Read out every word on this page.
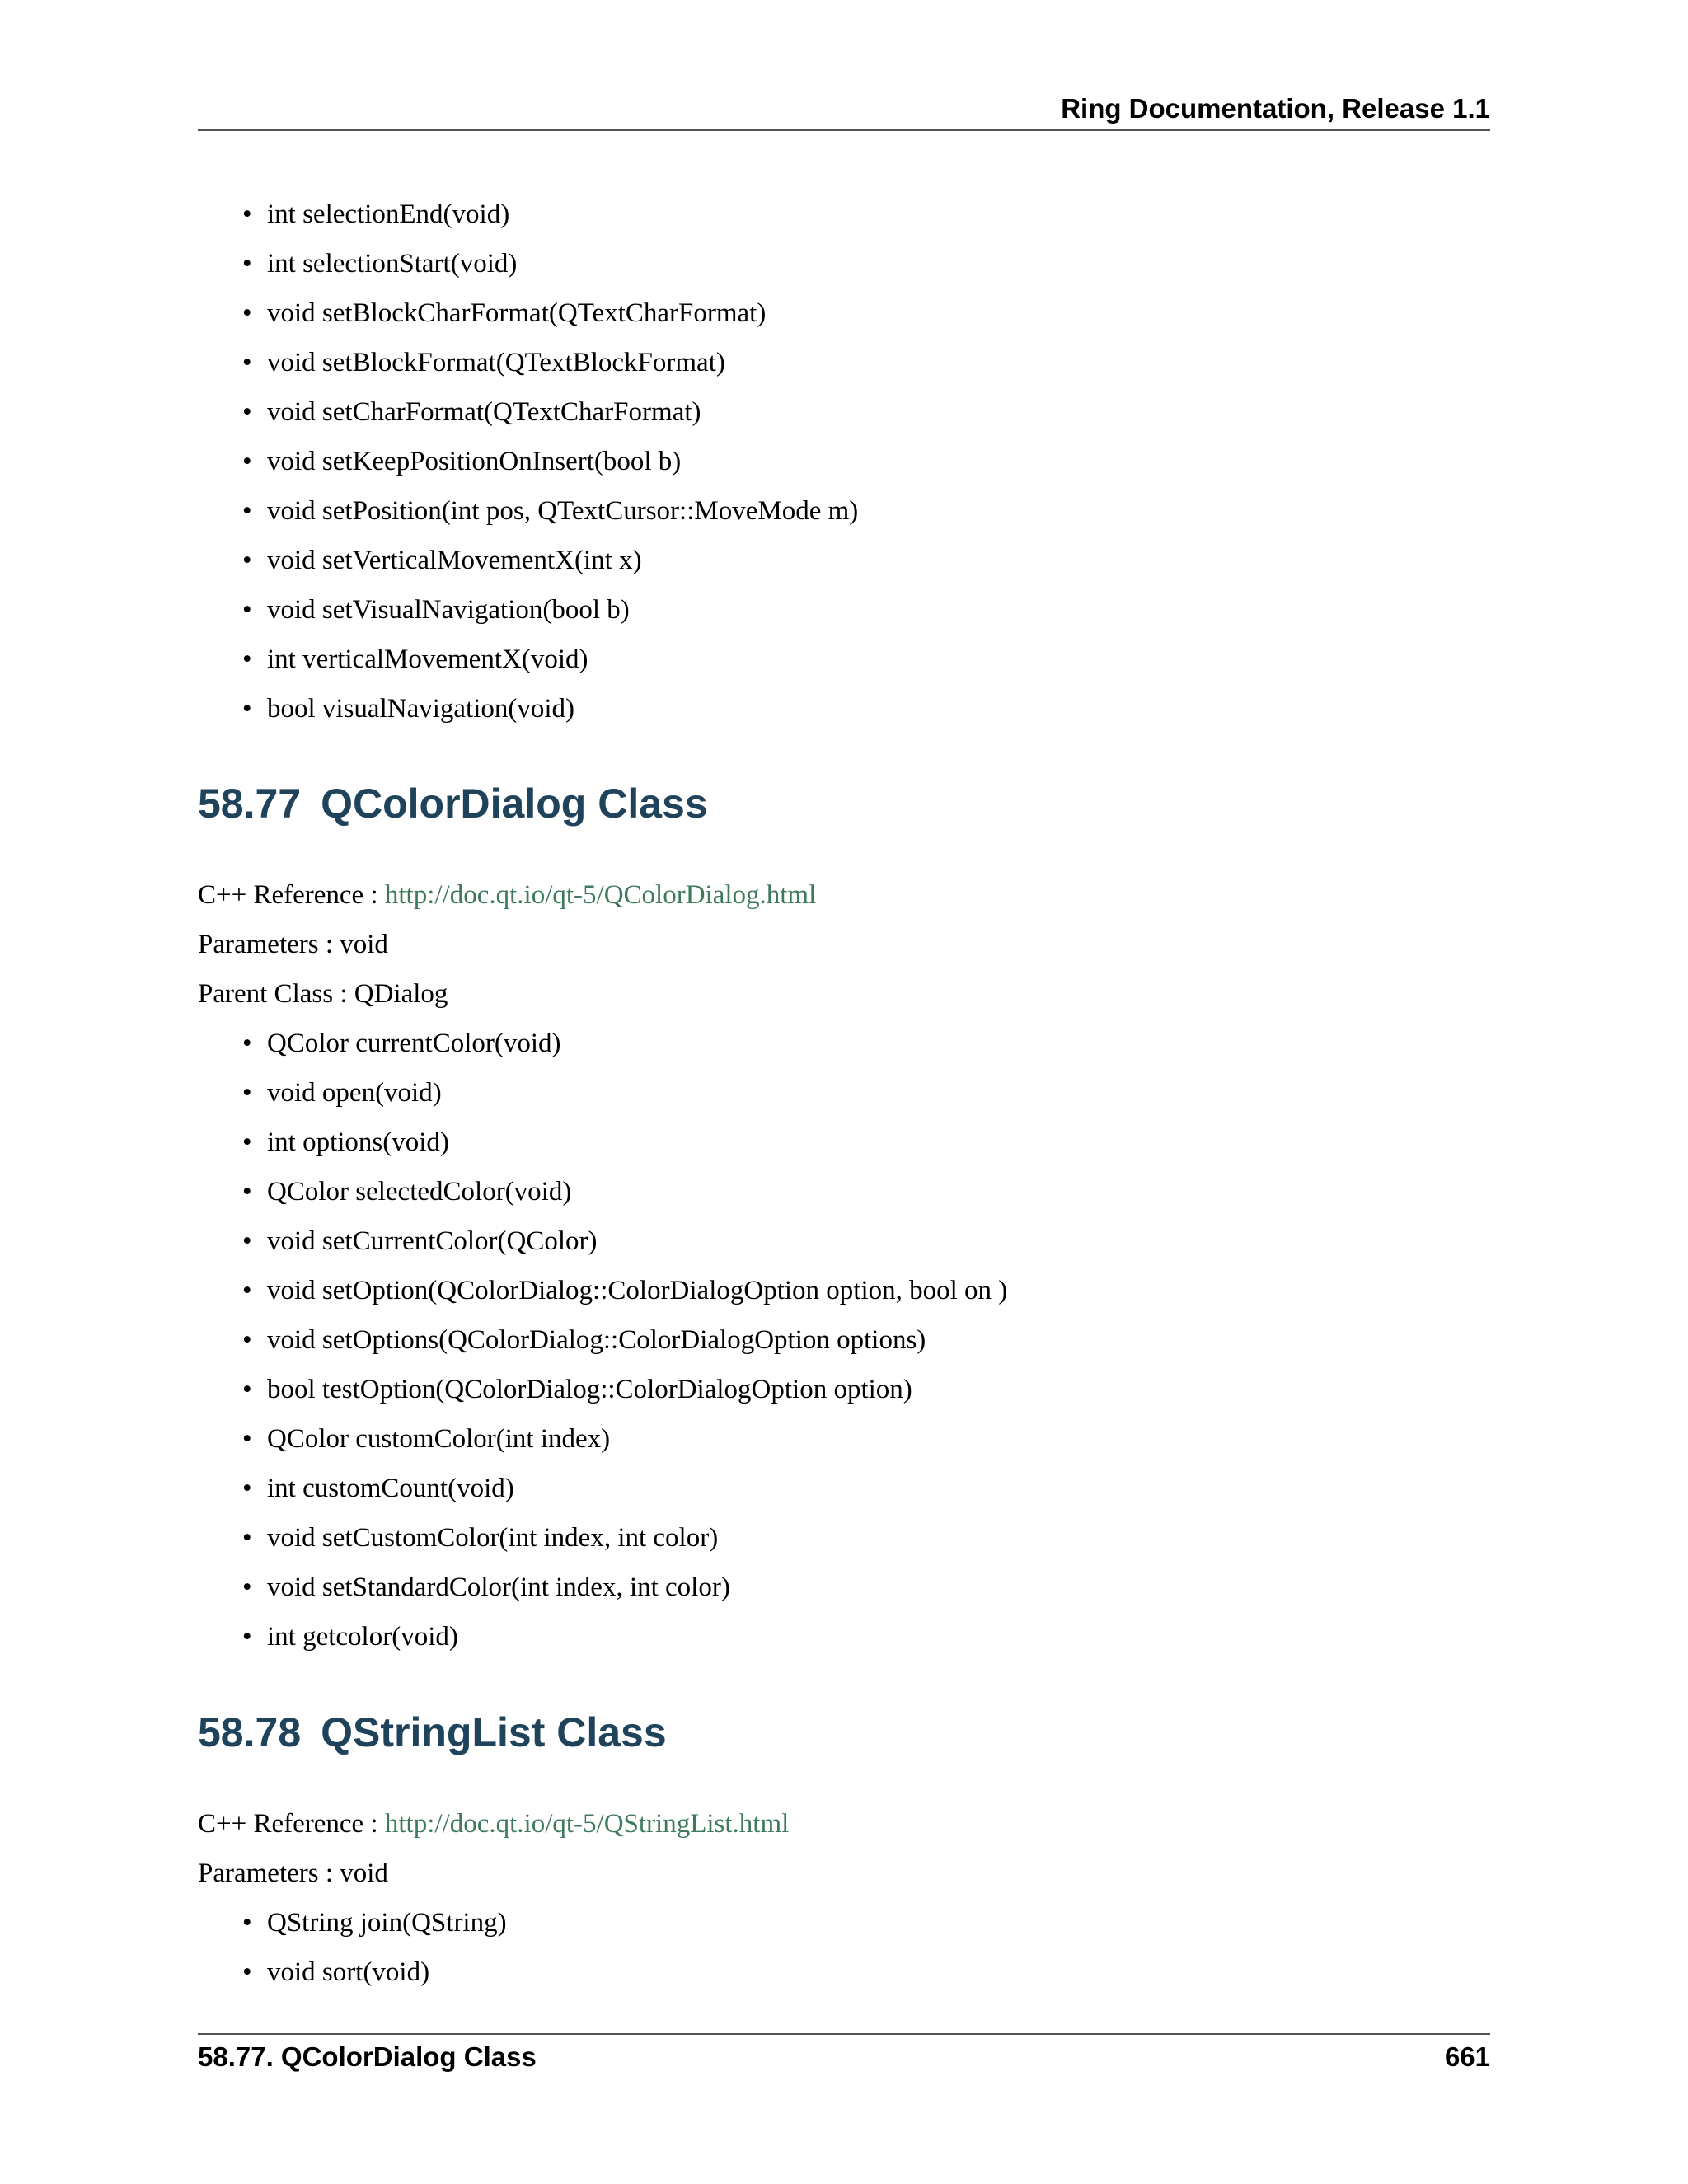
Ring Documentation, Release 1.1
• int selectionEnd(void)
• int selectionStart(void)
• void setBlockCharFormat(QTextCharFormat)
• void setBlockFormat(QTextBlockFormat)
• void setCharFormat(QTextCharFormat)
• void setKeepPositionOnInsert(bool b)
• void setPosition(int pos, QTextCursor::MoveMode m)
• void setVerticalMovementX(int x)
• void setVisualNavigation(bool b)
• int verticalMovementX(void)
• bool visualNavigation(void)
58.77 QColorDialog Class
C++ Reference : http://doc.qt.io/qt-5/QColorDialog.html
Parameters : void
Parent Class : QDialog
• QColor currentColor(void)
• void open(void)
• int options(void)
• QColor selectedColor(void)
• void setCurrentColor(QColor)
• void setOption(QColorDialog::ColorDialogOption option, bool on )
• void setOptions(QColorDialog::ColorDialogOption options)
• bool testOption(QColorDialog::ColorDialogOption option)
• QColor customColor(int index)
• int customCount(void)
• void setCustomColor(int index, int color)
• void setStandardColor(int index, int color)
• int getcolor(void)
58.78 QStringList Class
C++ Reference : http://doc.qt.io/qt-5/QStringList.html
Parameters : void
• QString join(QString)
• void sort(void)
58.77. QColorDialog Class	661
